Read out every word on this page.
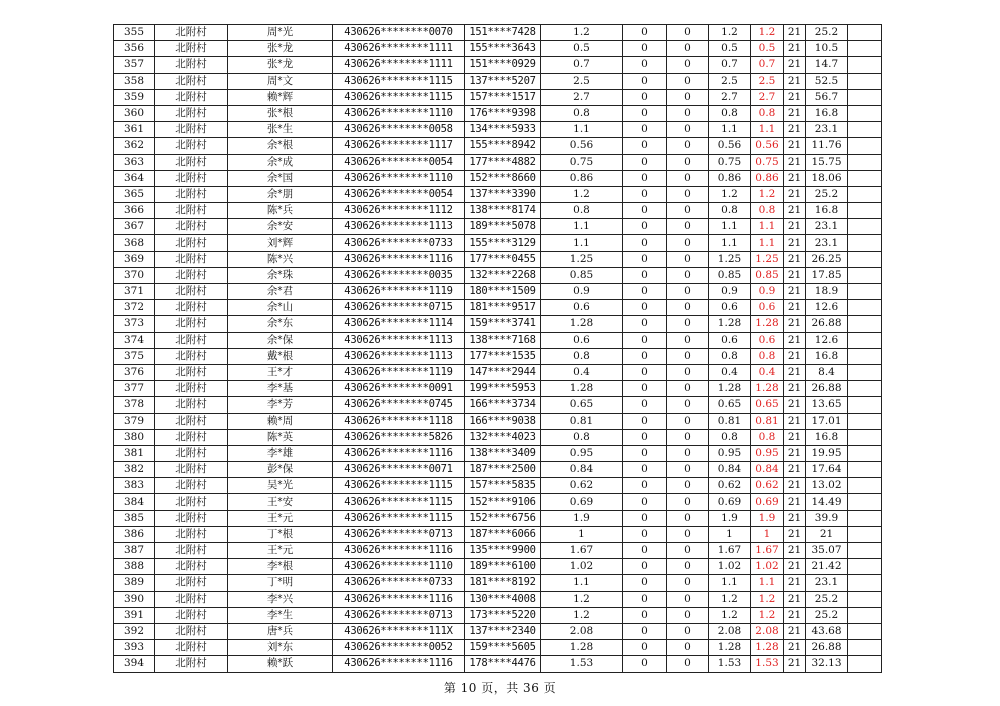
355	北附村	周*光	430626********0070	151****7428	1.2	0	0	1.2	1.2	21	25.2	
356	北附村	张*龙	430626********1111	155****3643	0.5	0	0	0.5	0.5	21	10.5	
357	北附村	张*龙	430626********1111	151****0929	0.7	0	0	0.7	0.7	21	14.7	
358	北附村	周*文	430626********1115	137****5207	2.5	0	0	2.5	2.5	21	52.5	
359	北附村	赖*辉	430626********1115	157****1517	2.7	0	0	2.7	2.7	21	56.7	
360	北附村	张*根	430626********1110	176****9398	0.8	0	0	0.8	0.8	21	16.8	
361	北附村	张*生	430626********0058	134****5933	1.1	0	0	1.1	1.1	21	23.1	
362	北附村	余*根	430626********1117	155****8942	0.56	0	0	0.56	0.56	21	11.76	
363	北附村	余*成	430626********0054	177****4882	0.75	0	0	0.75	0.75	21	15.75	
364	北附村	余*国	430626********1110	152****8660	0.86	0	0	0.86	0.86	21	18.06	
365	北附村	余*朋	430626********0054	137****3390	1.2	0	0	1.2	1.2	21	25.2	
366	北附村	陈*兵	430626********1112	138****8174	0.8	0	0	0.8	0.8	21	16.8	
367	北附村	余*安	430626********1113	189****5078	1.1	0	0	1.1	1.1	21	23.1	
368	北附村	刘*辉	430626********0733	155****3129	1.1	0	0	1.1	1.1	21	23.1	
369	北附村	陈*兴	430626********1116	177****0455	1.25	0	0	1.25	1.25	21	26.25	
370	北附村	余*珠	430626********0035	132****2268	0.85	0	0	0.85	0.85	21	17.85	
371	北附村	余*君	430626********1119	180****1509	0.9	0	0	0.9	0.9	21	18.9	
372	北附村	余*山	430626********0715	181****9517	0.6	0	0	0.6	0.6	21	12.6	
373	北附村	余*东	430626********1114	159****3741	1.28	0	0	1.28	1.28	21	26.88	
374	北附村	余*保	430626********1113	138****7168	0.6	0	0	0.6	0.6	21	12.6	
375	北附村	戴*根	430626********1113	177****1535	0.8	0	0	0.8	0.8	21	16.8	
376	北附村	王*才	430626********1119	147****2944	0.4	0	0	0.4	0.4	21	8.4	
377	北附村	李*基	430626********0091	199****5953	1.28	0	0	1.28	1.28	21	26.88	
378	北附村	李*芳	430626********0745	166****3734	0.65	0	0	0.65	0.65	21	13.65	
379	北附村	赖*周	430626********1118	166****9038	0.81	0	0	0.81	0.81	21	17.01	
380	北附村	陈*英	430626********5826	132****4023	0.8	0	0	0.8	0.8	21	16.8	
381	北附村	李*雄	430626********1116	138****3409	0.95	0	0	0.95	0.95	21	19.95	
382	北附村	彭*保	430626********0071	187****2500	0.84	0	0	0.84	0.84	21	17.64	
383	北附村	吴*光	430626********1115	157****5835	0.62	0	0	0.62	0.62	21	13.02	
384	北附村	王*安	430626********1115	152****9106	0.69	0	0	0.69	0.69	21	14.49	
385	北附村	王*元	430626********1115	152****6756	1.9	0	0	1.9	1.9	21	39.9	
386	北附村	丁*根	430626********0713	187****6066	1	0	0	1	1	21	21	
387	北附村	王*元	430626********1116	135****9900	1.67	0	0	1.67	1.67	21	35.07	
388	北附村	李*根	430626********1110	189****6100	1.02	0	0	1.02	1.02	21	21.42	
389	北附村	丁*明	430626********0733	181****8192	1.1	0	0	1.1	1.1	21	23.1	
390	北附村	李*兴	430626********1116	130****4008	1.2	0	0	1.2	1.2	21	25.2	
391	北附村	李*生	430626********0713	173****5220	1.2	0	0	1.2	1.2	21	25.2	
392	北附村	唐*兵	430626********111X	137****2340	2.08	0	0	2.08	2.08	21	43.68	
393	北附村	刘*东	430626********0052	159****5605	1.28	0	0	1.28	1.28	21	26.88	
394	北附村	赖*跃	430626********1116	178****4476	1.53	0	0	1.53	1.53	21	32.13	
第 10 页，共 36 页
